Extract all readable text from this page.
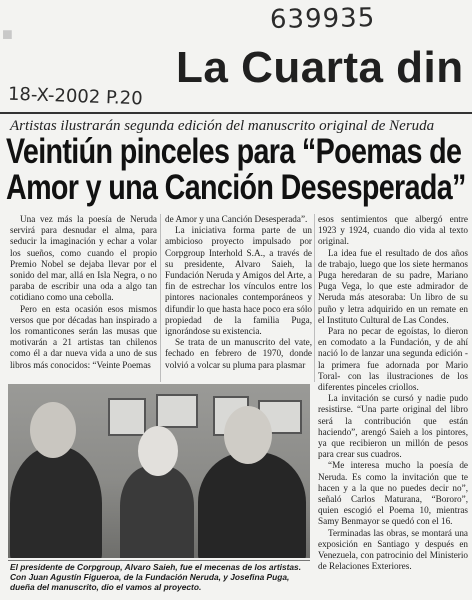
639935
■
La Cuarta din
18-X-2002 P.20
Artistas ilustrarán segunda edición del manuscrito original de Neruda
Veintiún pinceles para “Poemas de
Amor y una Canción Desesperada”

Una vez más la poesía de Neruda servirá para desnudar el alma, para seducir la imaginación y echar a volar los sueños, como cuando el propio Premio Nobel se dejaba llevar por el sonido del mar, allá en Isla Negra, o no paraba de escribir una oda a algo tan cotidiano como una cebolla.

Pero en esta ocasión esos mismos versos que por décadas han inspirado a los romanticones serán las musas que motivarán a 21 artistas tan chilenos como él a dar nueva vida a uno de sus libros más conocidos: “Veinte Poemas

de Amor y una Canción Desesperada”.

La iniciativa forma parte de un ambicioso proyecto impulsado por Corpgroup Interhold S.A., a través de su presidente, Alvaro Saieh, la Fundación Neruda y Amigos del Arte, a fin de estrechar los vínculos entre los pintores nacionales contemporáneos y difundir lo que hasta hace poco era sólo propiedad de la familia Puga, ignorándose su existencia.

Se trata de un manuscrito del vate, fechado en febrero de 1970, donde volvió a volcar su pluma para plasmar

esos sentimientos que albergó entre 1923 y 1924, cuando dio vida al texto original.

La idea fue el resultado de dos años de trabajo, luego que los siete hermanos Puga heredaran de su padre, Mariano Puga Vega, lo que este admirador de Neruda más atesoraba: Un libro de su puño y letra adquirido en un remate en el Instituto Cultural de Las Condes.

Para no pecar de egoístas, lo dieron en comodato a la Fundación, y de ahí nació lo de lanzar una segunda edición -la primera fue adornada por Mario Toral- con las ilustraciones de los diferentes pinceles criollos.

La invitación se cursó y nadie pudo resistirse. “Una parte original del libro será la contribución que están haciendo”, arengó Saieh a los pintores, ya que recibieron un millón de pesos para crear sus cuadros.

“Me interesa mucho la poesía de Neruda. Es como la invitación que te hacen y a la que no puedes decir no”, señaló Carlos Maturana, “Bororo”, quien escogió el Poema 10, mientras Samy Benmayor se quedó con el 16.

Terminadas las obras, se montará una exposición en Santiago y después en Venezuela, con patrocinio del Ministerio de Relaciones Exteriores.

El presidente de Corpgroup, Alvaro Saieh, fue el mecenas de los artistas. Con Juan Agustín Figueroa, de la Fundación Neruda, y Josefina Puga, dueña del manuscrito, dio el vamos al proyecto.
